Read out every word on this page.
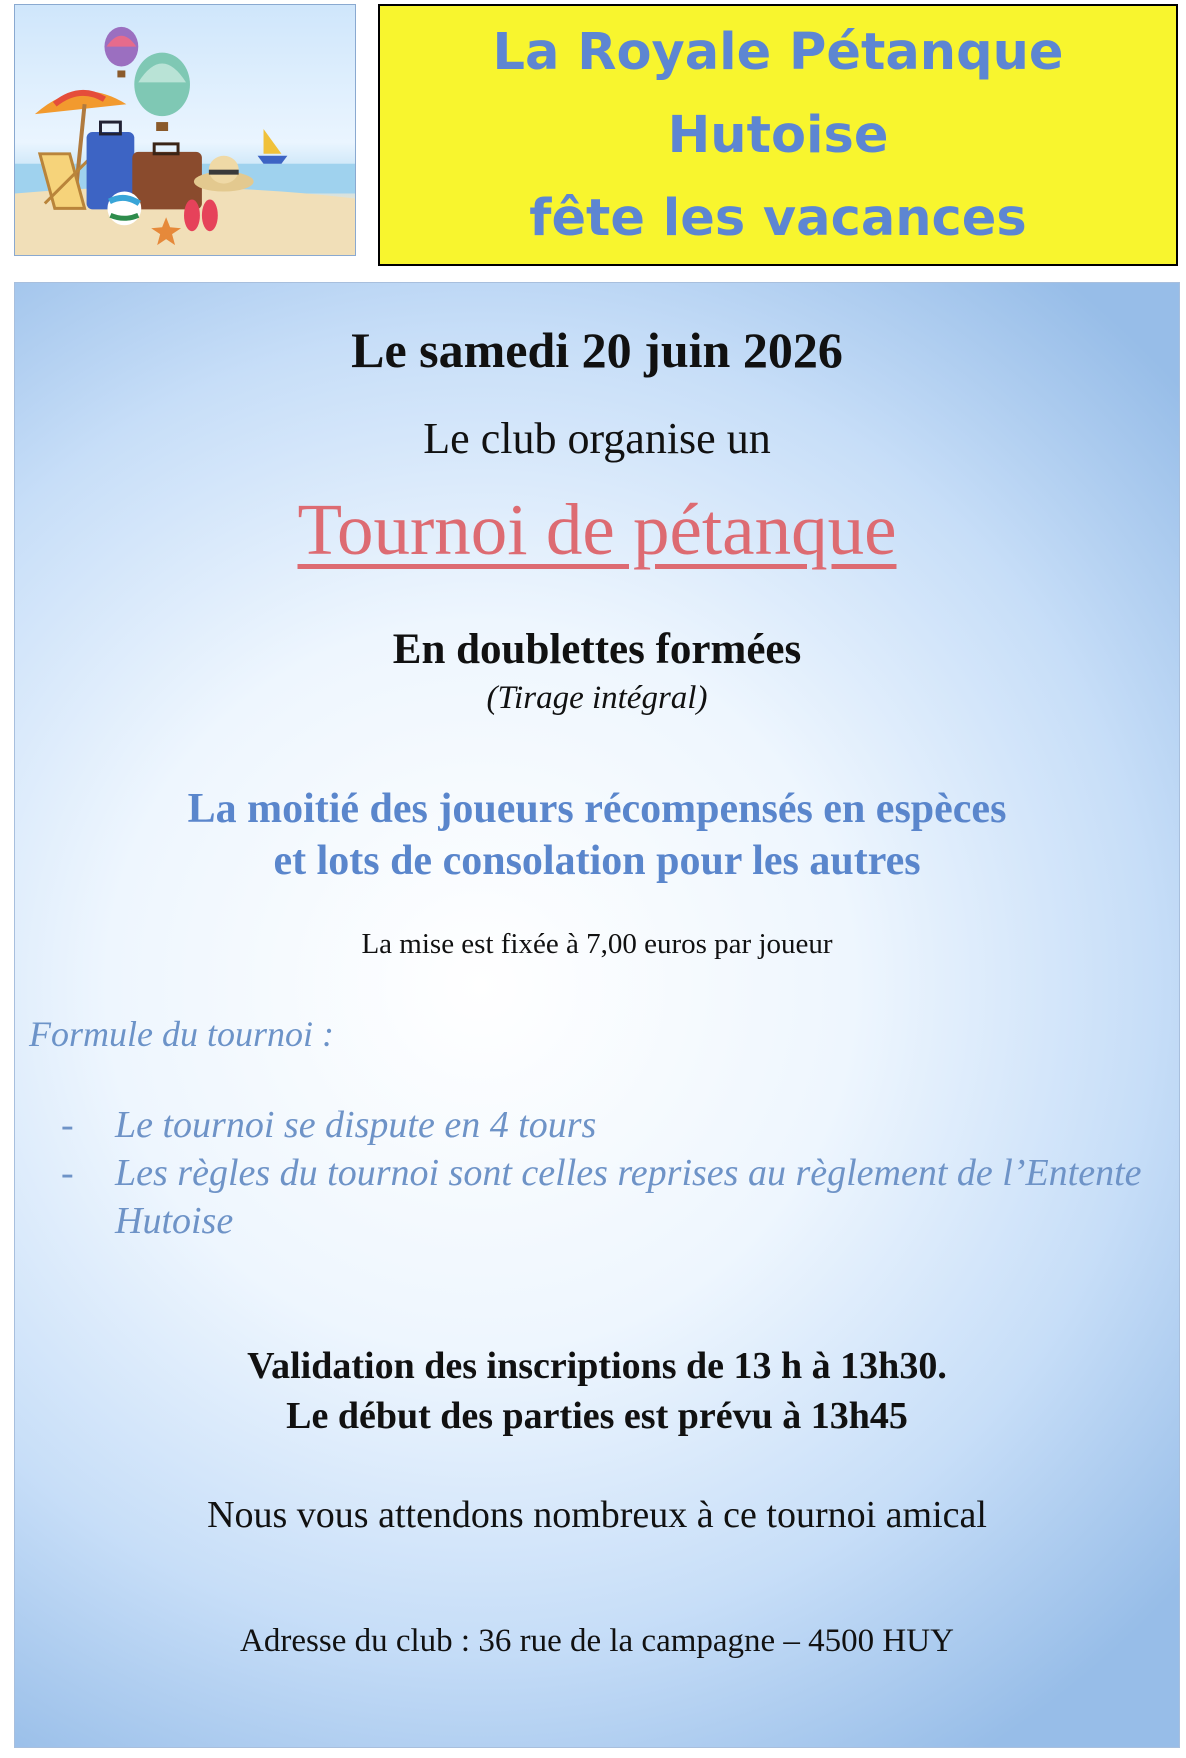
La Royale Pétanque
Hutoise
fête les vacances
Le samedi 20 juin 2026
Le club organise un
Tournoi de pétanque
En doublettes formées
(Tirage intégral)
La moitié des joueurs récompensés en espèces
et lots de consolation pour les autres
La mise est fixée à 7,00 euros par joueur
Formule du tournoi :
- Le tournoi se dispute en 4 tours
- Les règles du tournoi sont celles reprises au règlement de l’Entente Hutoise
Validation des inscriptions de 13 h à 13h30.
Le début des parties est prévu à 13h45
Nous vous attendons nombreux à ce tournoi amical
Adresse du club : 36 rue de la campagne – 4500 HUY
